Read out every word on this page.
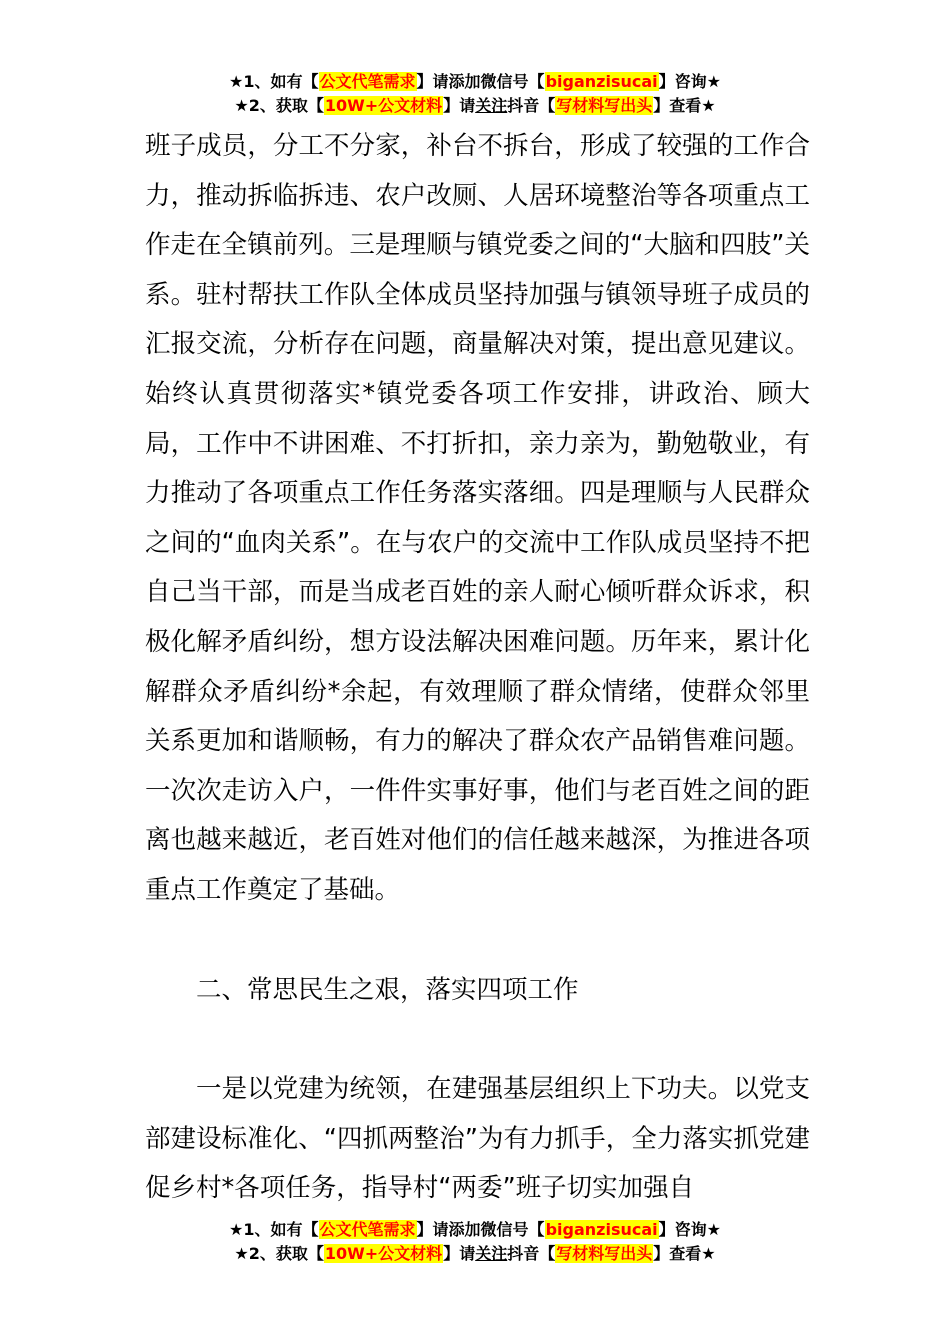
★1、如有【公文代笔需求】请添加微信号【biganzisucai】咨询★
★2、获取【10W+公文材料】请关注抖音【写材料写出头】查看★

班子成员，分工不分家，补台不拆台，形成了较强的工作合力，推动拆临拆违、农户改厕、人居环境整治等各项重点工作走在全镇前列。三是理顺与镇党委之间的“大脑和四肢”关系。驻村帮扶工作队全体成员坚持加强与镇领导班子成员的汇报交流，分析存在问题，商量解决对策，提出意见建议。始终认真贯彻落实*镇党委各项工作安排，讲政治、顾大局，工作中不讲困难、不打折扣，亲力亲为，勤勉敬业，有力推动了各项重点工作任务落实落细。四是理顺与人民群众之间的“血肉关系”。在与农户的交流中工作队成员坚持不把自己当干部，而是当成老百姓的亲人耐心倾听群众诉求，积极化解矛盾纠纷，想方设法解决困难问题。历年来，累计化解群众矛盾纠纷*余起，有效理顺了群众情绪，使群众邻里关系更加和谐顺畅，有力的解决了群众农产品销售难问题。一次次走访入户，一件件实事好事，他们与老百姓之间的距离也越来越近，老百姓对他们的信任越来越深，为推进各项重点工作奠定了基础。

二、常思民生之艰，落实四项工作

一是以党建为统领，在建强基层组织上下功夫。以党支部建设标准化、“四抓两整治”为有力抓手，全力落实抓党建促乡村*各项任务，指导村“两委”班子切实加强自

★1、如有【公文代笔需求】请添加微信号【biganzisucai】咨询★
★2、获取【10W+公文材料】请关注抖音【写材料写出头】查看★
